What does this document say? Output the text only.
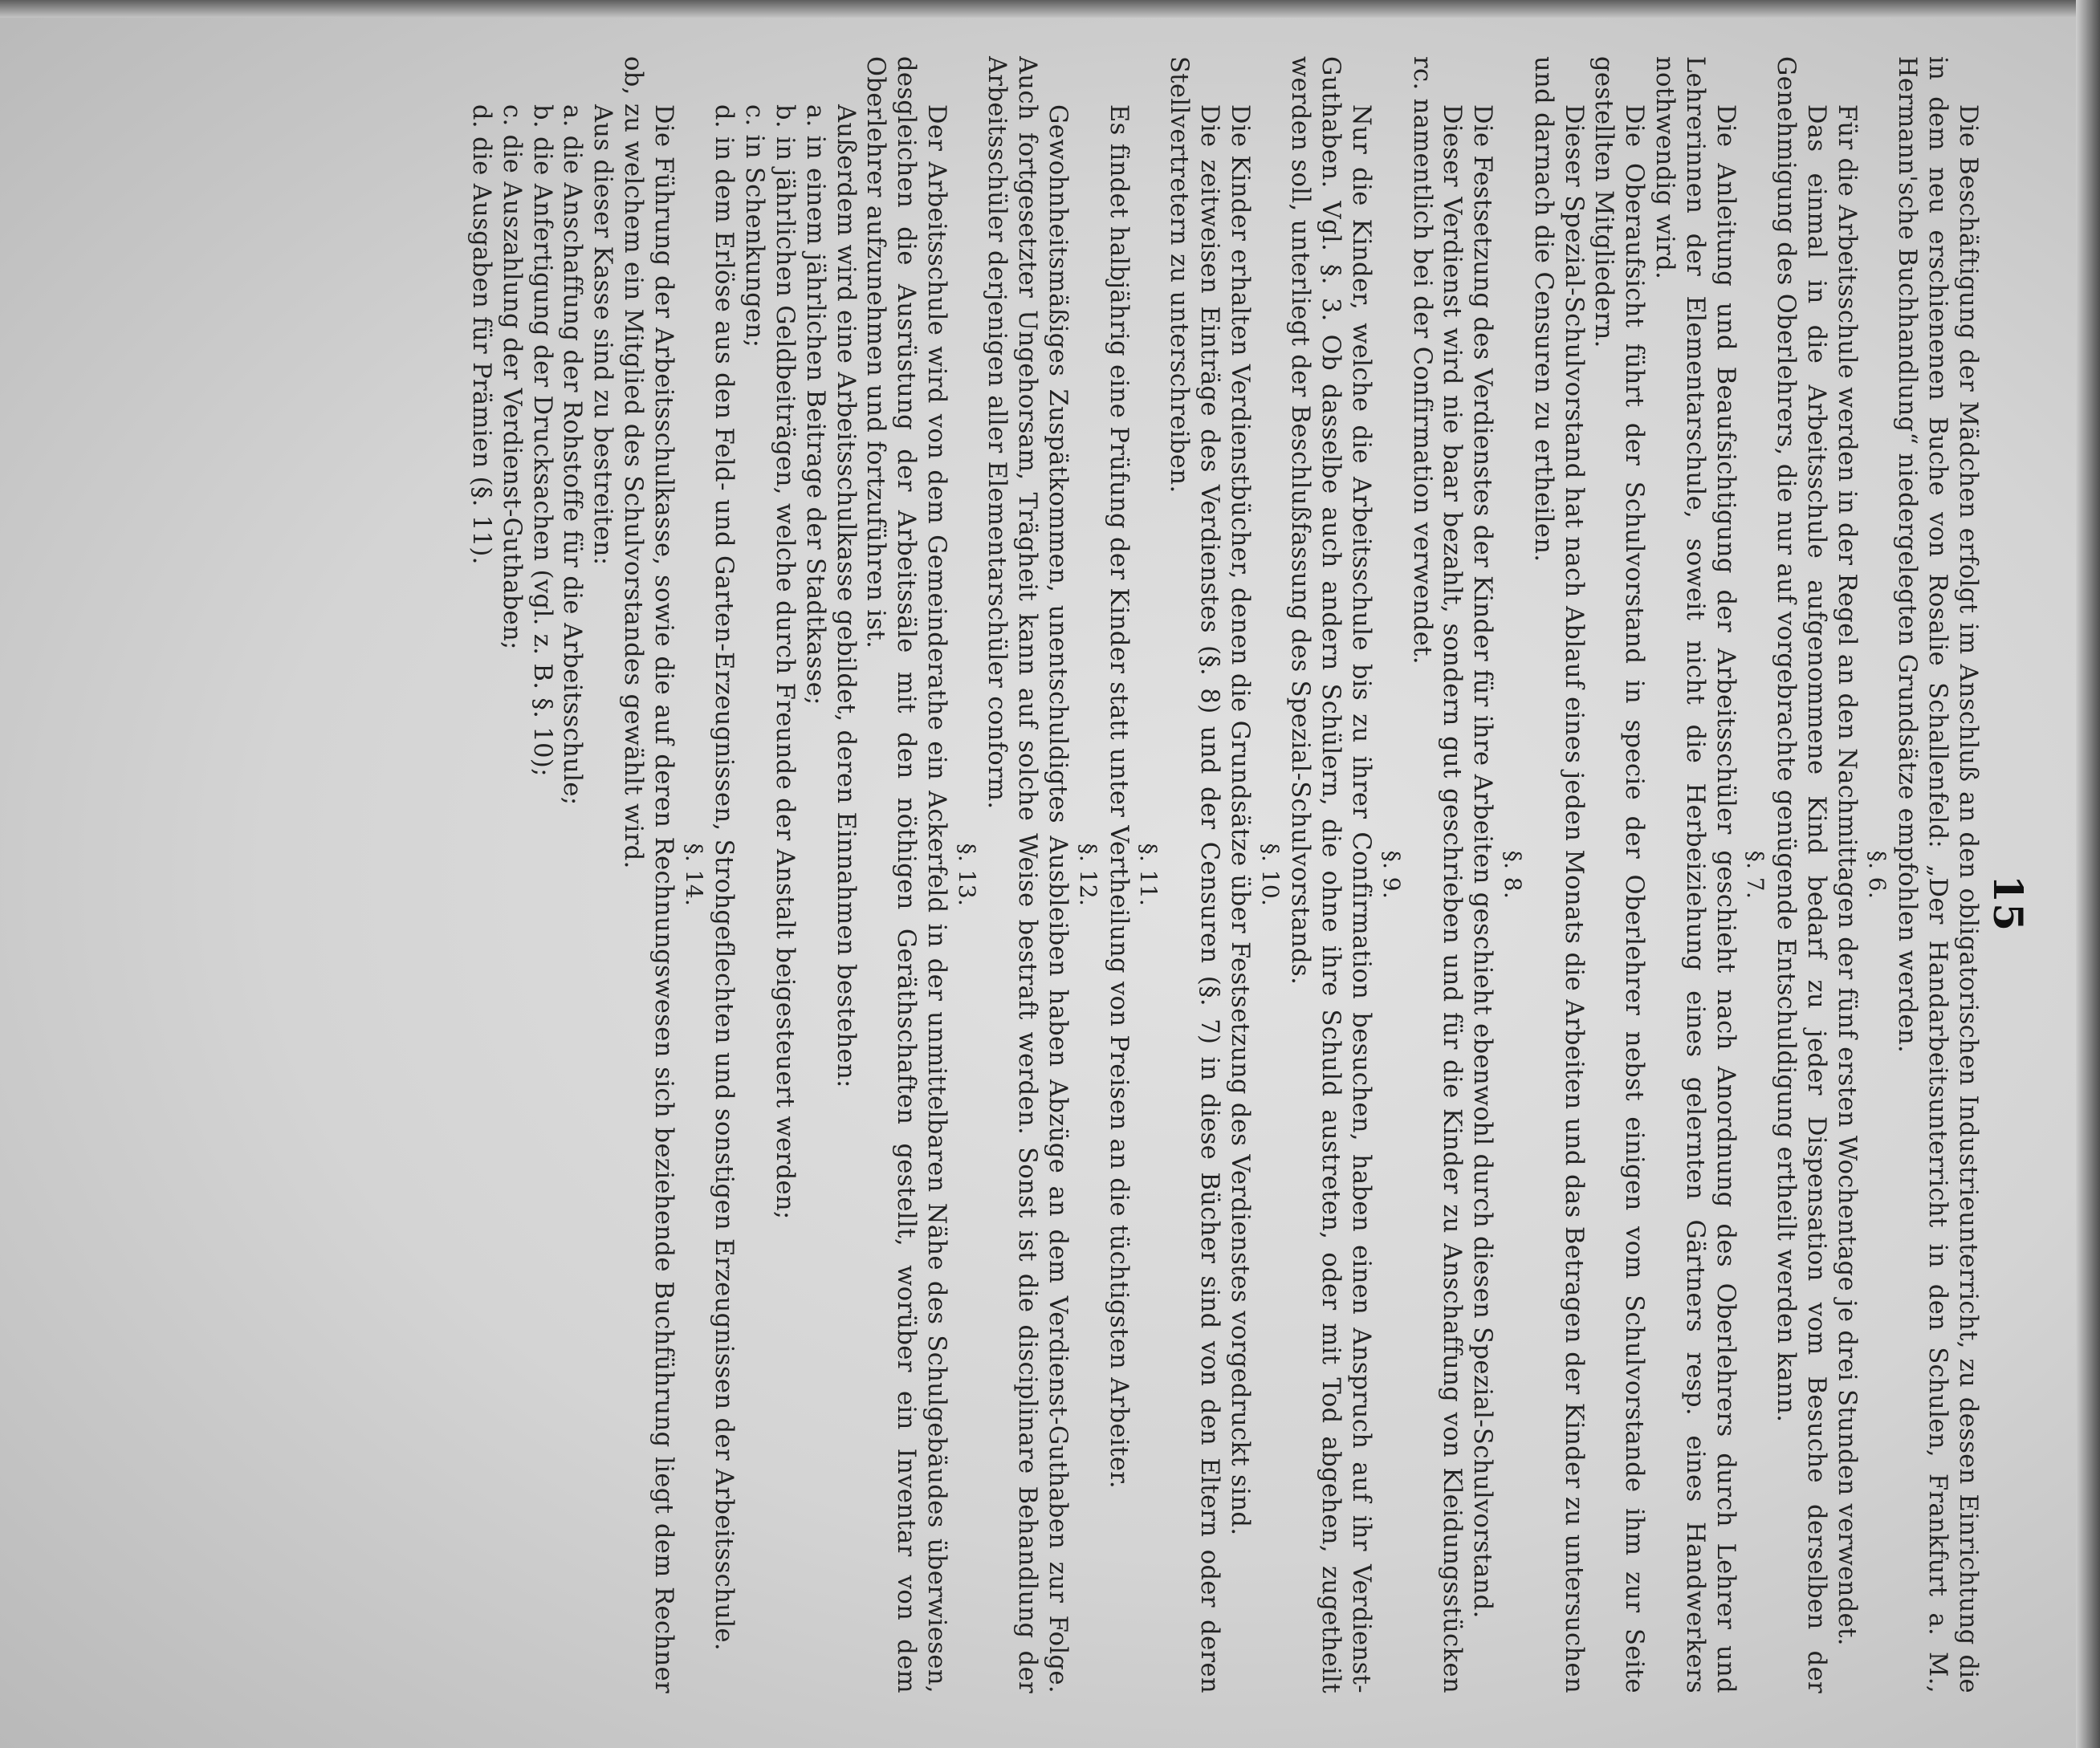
15

Die Beschäftigung der Mädchen erfolgt im Anschluß an den obligatorischen Industrieunterricht, zu dessen Einrichtung die in dem neu erschienenen Buche von Rosalie Schallenfeld: „Der Handarbeitsunterricht in den Schulen, Frankfurt a. M., Hermann'sche Buchhandlung“ niedergelegten Grundsätze empfohlen werden.

§. 6.

Für die Arbeitsschule werden in der Regel an den Nachmittagen der fünf ersten Wochentage je drei Stunden verwendet.

Das einmal in die Arbeitsschule aufgenommene Kind bedarf zu jeder Dispensation vom Besuche derselben der Genehmigung des Oberlehrers, die nur auf vorgebrachte genügende Entschuldigung ertheilt werden kann.

§. 7.

Die Anleitung und Beaufsichtigung der Arbeitsschüler geschieht nach Anordnung des Oberlehrers durch Lehrer und Lehrerinnen der Elementarschule, soweit nicht die Herbeiziehung eines gelernten Gärtners resp. eines Handwerkers nothwendig wird.

Die Oberaufsicht führt der Schulvorstand in specie der Oberlehrer nebst einigen vom Schulvorstande ihm zur Seite gestellten Mitgliedern.

Dieser Spezial-Schulvorstand hat nach Ablauf eines jeden Monats die Arbeiten und das Betragen der Kinder zu untersuchen und darnach die Censuren zu ertheilen.

§. 8.

Die Festsetzung des Verdienstes der Kinder für ihre Arbeiten geschieht ebenwohl durch diesen Spezial-Schulvorstand.

Dieser Verdienst wird nie baar bezahlt, sondern gut geschrieben und für die Kinder zu Anschaffung von Kleidungsstücken rc. namentlich bei der Confirmation verwendet.

§. 9.

Nur die Kinder, welche die Arbeitsschule bis zu ihrer Confirmation besuchen, haben einen Anspruch auf ihr Verdienst-Guthaben. Vgl. §. 3. Ob dasselbe auch andern Schülern, die ohne ihre Schuld austreten, oder mit Tod abgehen, zugetheilt werden soll, unterliegt der Beschlußfassung des Spezial-Schulvorstands.

§. 10.

Die Kinder erhalten Verdienstbücher, denen die Grundsätze über Festsetzung des Verdienstes vorgedruckt sind.

Die zeitweisen Einträge des Verdienstes (§. 8) und der Censuren (§. 7) in diese Bücher sind von den Eltern oder deren Stellvertretern zu unterschreiben.

§. 11.

Es findet halbjährig eine Prüfung der Kinder statt unter Vertheilung von Preisen an die tüchtigsten Arbeiter.

§. 12.

Gewohnheitsmäßiges Zuspätkommen, unentschuldigtes Ausbleiben haben Abzüge an dem Verdienst-Guthaben zur Folge. Auch fortgesetzter Ungehorsam, Trägheit kann auf solche Weise bestraft werden. Sonst ist die disciplinare Behandlung der Arbeitsschüler derjenigen aller Elementarschüler conform.

§. 13.

Der Arbeitsschule wird von dem Gemeinderathe ein Ackerfeld in der unmittelbaren Nähe des Schulgebäudes überwiesen, desgleichen die Ausrüstung der Arbeitssäle mit den nöthigen Geräthschaften gestellt, worüber ein Inventar von dem Oberlehrer aufzunehmen und fortzuführen ist.

Außerdem wird eine Arbeitsschulkasse gebildet, deren Einnahmen bestehen:

a. in einem jährlichen Beitrage der Stadtkasse;

b. in jährlichen Geldbeiträgen, welche durch Freunde der Anstalt beigesteuert werden;

c. in Schenkungen;

d. in dem Erlöse aus den Feld- und Garten-Erzeugnissen, Strohgeflechten und sonstigen Erzeugnissen der Arbeitsschule.

§. 14.

Die Führung der Arbeitsschulkasse, sowie die auf deren Rechnungswesen sich beziehende Buchführung liegt dem Rechner ob, zu welchem ein Mitglied des Schulvorstandes gewählt wird.

Aus dieser Kasse sind zu bestreiten:

a. die Anschaffung der Rohstoffe für die Arbeitsschule;

b. die Anfertigung der Drucksachen (vgl. z. B. §. 10);

c. die Auszahlung der Verdienst-Guthaben;

d. die Ausgaben für Prämien (§. 11).
